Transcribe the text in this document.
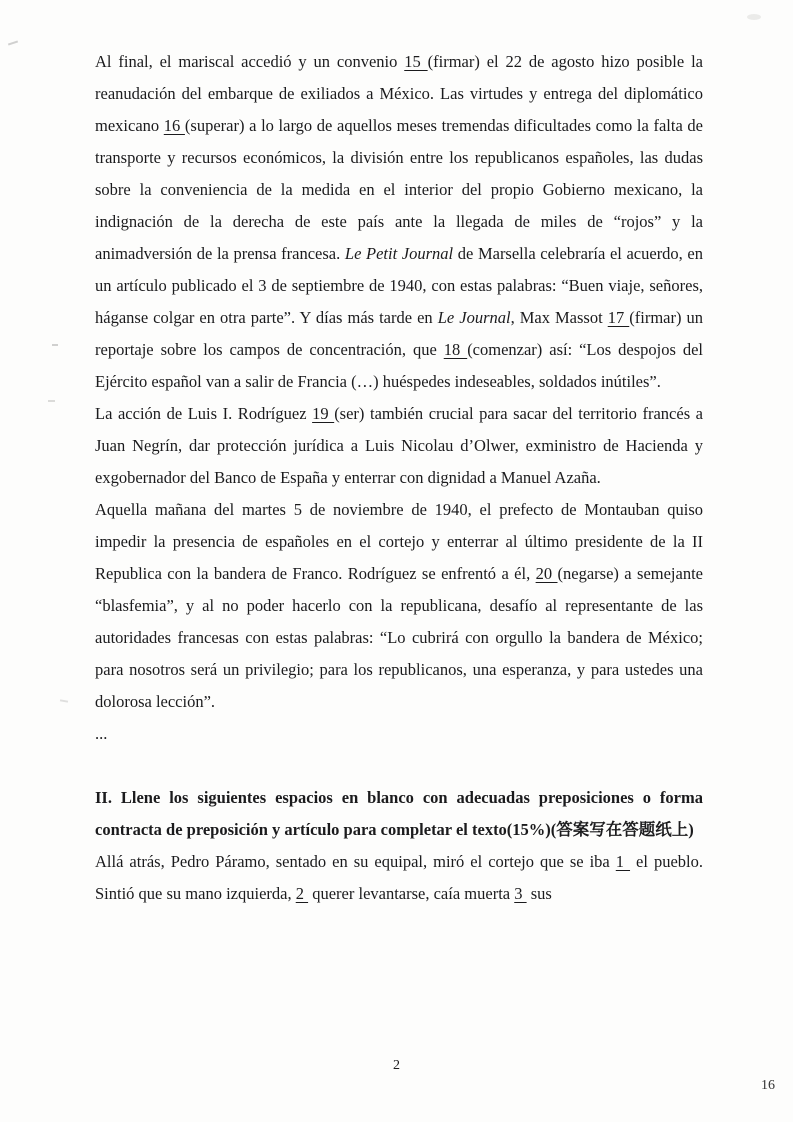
Al final, el mariscal accedió y un convenio 15 (firmar) el 22 de agosto hizo posible la reanudación del embarque de exiliados a México. Las virtudes y entrega del diplomático mexicano 16 (superar) a lo largo de aquellos meses tremendas dificultades como la falta de transporte y recursos económicos, la división entre los republicanos españoles, las dudas sobre la conveniencia de la medida en el interior del propio Gobierno mexicano, la indignación de la derecha de este país ante la llegada de miles de “rojos” y la animadversión de la prensa francesa. Le Petit Journal de Marsella celebraría el acuerdo, en un artículo publicado el 3 de septiembre de 1940, con estas palabras: “Buen viaje, señores, háganse colgar en otra parte”. Y días más tarde en Le Journal, Max Massot 17 (firmar) un reportaje sobre los campos de concentración, que 18 (comenzar) así: “Los despojos del Ejército español van a salir de Francia (…) huéspedes indeseables, soldados inútiles”.

La acción de Luis I. Rodríguez 19 (ser) también crucial para sacar del territorio francés a Juan Negrín, dar protección jurídica a Luis Nicolau d’Olwer, exministro de Hacienda y exgobernador del Banco de España y enterrar con dignidad a Manuel Azaña.

Aquella mañana del martes 5 de noviembre de 1940, el prefecto de Montauban quiso impedir la presencia de españoles en el cortejo y enterrar al último presidente de la II Republica con la bandera de Franco. Rodríguez se enfrentó a él, 20 (negarse) a semejante “blasfemia”, y al no poder hacerlo con la republicana, desafío al representante de las autoridades francesas con estas palabras: “Lo cubrirá con orgullo la bandera de México; para nosotros será un privilegio; para los republicanos, una esperanza, y para ustedes una dolorosa lección”.

...

II. Llene los siguientes espacios en blanco con adecuadas preposiciones o forma contracta de preposición y artículo para completar el texto(15%)(答案写在答题纸上)

Allá atrás, Pedro Páramo, sentado en su equipal, miró el cortejo que se iba 1  el pueblo. Sintió que su mano izquierda, 2  querer levantarse, caía muerta 3  sus

2
16
